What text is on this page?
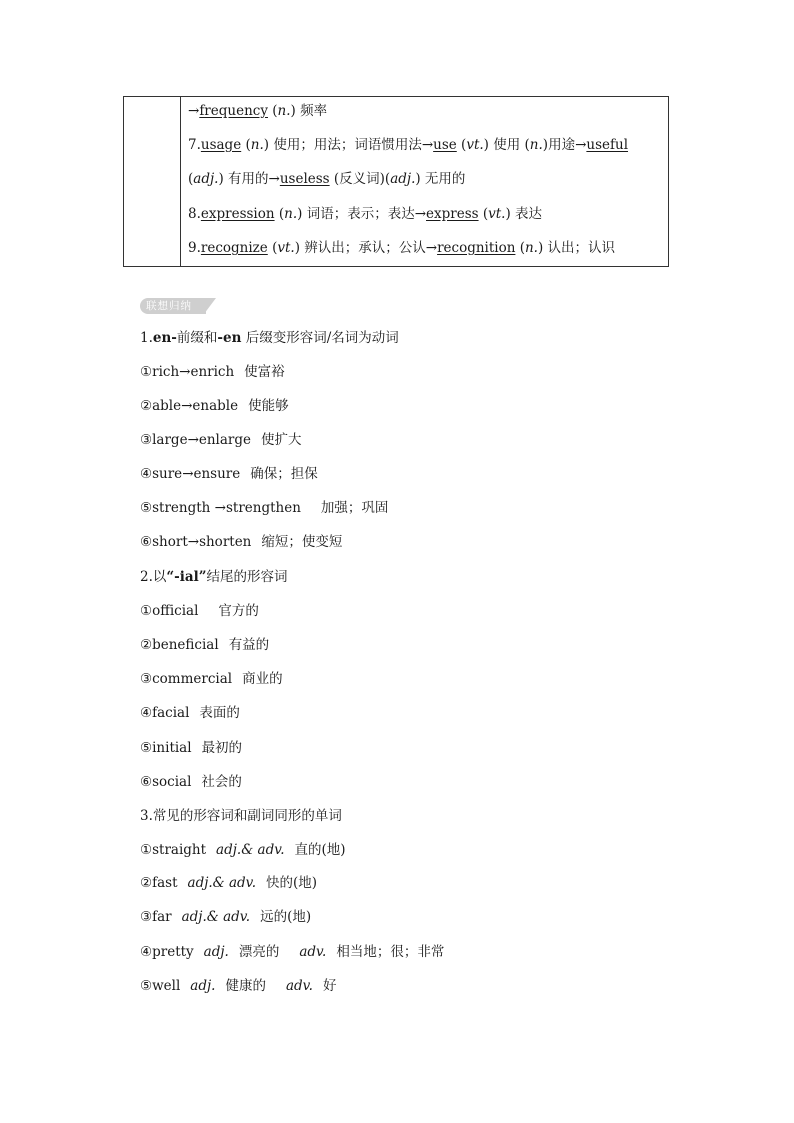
→frequency (n.) 频率
7.usage (n.) 使用；用法；词语惯用法→use (vt.) 使用 (n.)用途→useful
(adj.) 有用的→useless (反义词)(adj.) 无用的
8.expression (n.) 词语；表示；表达→express (vt.) 表达
9.recognize (vt.) 辨认出；承认；公认→recognition (n.) 认出；认识
联想归纳
1.en-前缀和-en 后缀变形容词/名词为动词
①rich→enrich 使富裕
②able→enable 使能够
③large→enlarge 使扩大
④sure→ensure 确保；担保
⑤strength →strengthen 加强；巩固
⑥short→shorten 缩短；使变短
2.以“-ial”结尾的形容词
①official 官方的
②beneficial 有益的
③commercial 商业的
④facial 表面的
⑤initial 最初的
⑥social 社会的
3.常见的形容词和副词同形的单词
①straight adj.& adv. 直的(地)
②fast adj.& adv. 快的(地)
③far adj.& adv. 远的(地)
④pretty adj. 漂亮的 adv. 相当地；很；非常
⑤well adj. 健康的 adv. 好
